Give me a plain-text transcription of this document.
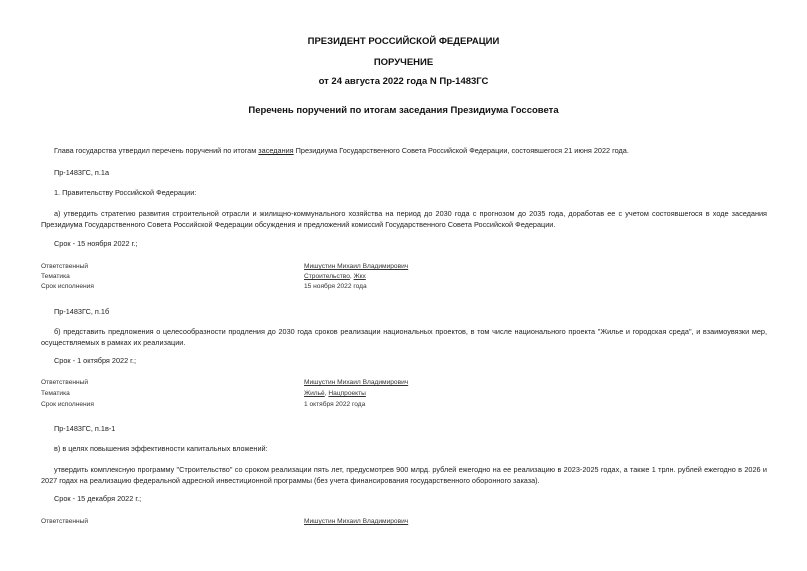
ПРЕЗИДЕНТ РОССИЙСКОЙ ФЕДЕРАЦИИ
ПОРУЧЕНИЕ
от 24 августа 2022 года N Пр-1483ГС
Перечень поручений по итогам заседания Президиума Госсовета
Глава государства утвердил перечень поручений по итогам заседания Президиума Государственного Совета Российской Федерации, состоявшегося 21 июня 2022 года.
Пр-1483ГС, п.1а
1. Правительству Российской Федерации:
а) утвердить стратегию развития строительной отрасли и жилищно-коммунального хозяйства на период до 2030 года с прогнозом до 2035 года, доработав ее с учетом состоявшегося в ходе заседания Президиума Государственного Совета Российской Федерации обсуждения и предложений комиссий Государственного Совета Российской Федерации.
Срок - 15 ноября 2022 г.;
Ответственный	Мишустин Михаил Владимирович
Тематика	Строительство, Жкх
Срок исполнения	15 ноября 2022 года
Пр-1483ГС, п.1б
б) представить предложения о целесообразности продления до 2030 года сроков реализации национальных проектов, в том числе национального проекта "Жилье и городская среда", и взаимоувязки мер, осуществляемых в рамках их реализации.
Срок - 1 октября 2022 г.;
Ответственный	Мишустин Михаил Владимирович
Тематика	Жильё, Нацпроекты
Срок исполнения	1 октября 2022 года
Пр-1483ГС, п.1в-1
в) в целях повышения эффективности капитальных вложений:
утвердить комплексную программу "Строительство" со сроком реализации пять лет, предусмотрев 900 млрд. рублей ежегодно на ее реализацию в 2023-2025 годах, а также 1 трлн. рублей ежегодно в 2026 и 2027 годах на реализацию федеральной адресной инвестиционной программы (без учета финансирования государственного оборонного заказа).
Срок - 15 декабря 2022 г.;
Ответственный	Мишустин Михаил Владимирович
